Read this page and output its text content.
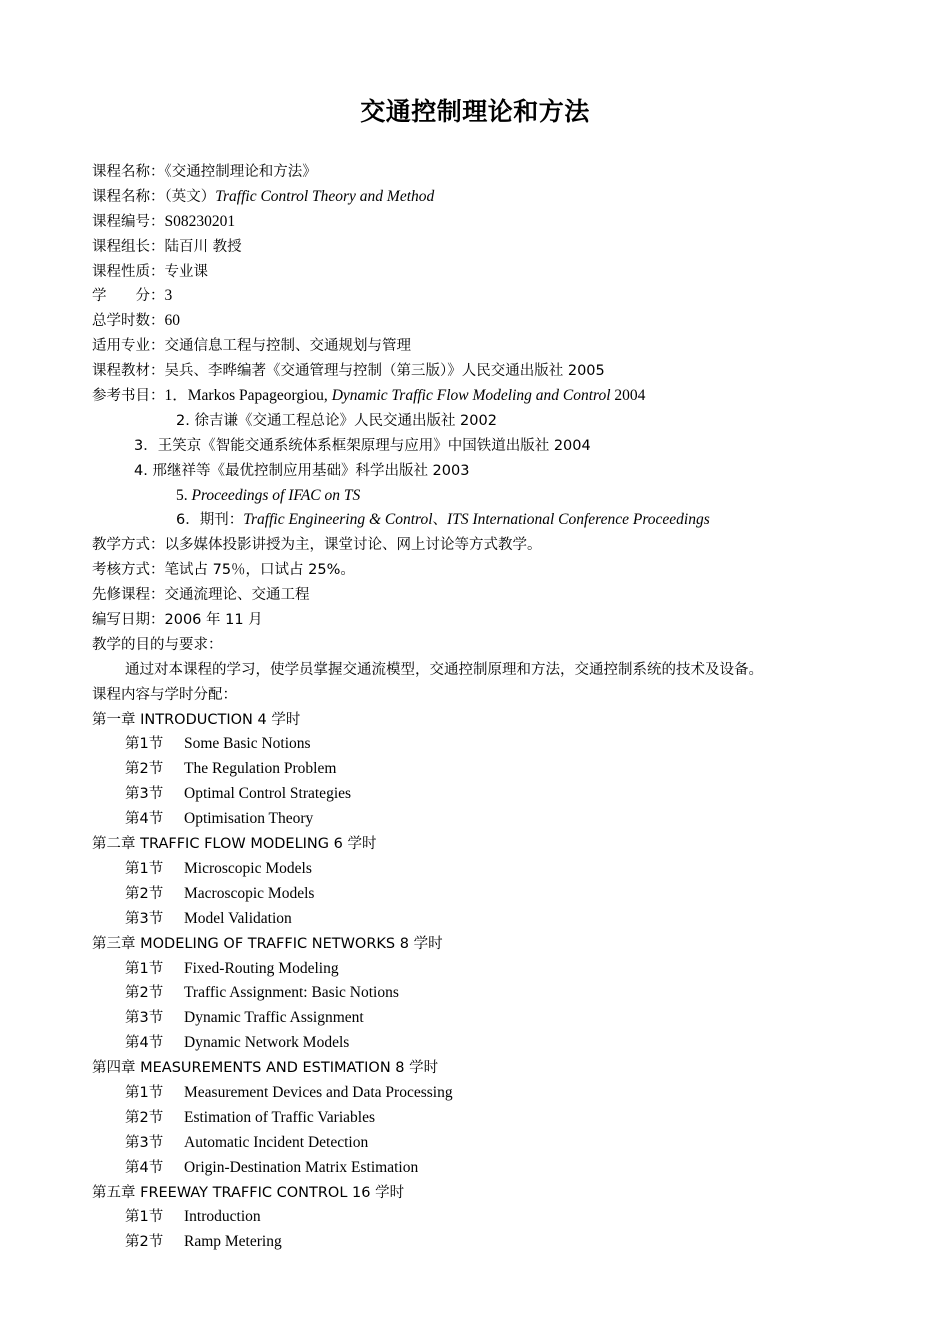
交通控制理论和方法
课程名称：《交通控制理论和方法》
课程名称：（英文）Traffic Control Theory and Method
课程编号：S08230201
课程组长：陆百川 教授
课程性质：专业课
学　　分：3
总学时数：60
适用专业：交通信息工程与控制、交通规划与管理
课程教材：吴兵、李晔编著《交通管理与控制（第三版）》人民交通出版社 2005
参考书目：1．Markos Papageorgiou, Dynamic Traffic Flow Modeling and Control 2004
2. 徐吉谦《交通工程总论》人民交通出版社 2002
3．王笑京《智能交通系统体系框架原理与应用》中国铁道出版社 2004
4. 邢继祥等《最优控制应用基础》科学出版社 2003
5. Proceedings of IFAC on TS
6．期刊：Traffic Engineering & Control、ITS International Conference Proceedings
教学方式：以多媒体投影讲授为主，课堂讨论、网上讨论等方式教学。
考核方式：笔试占 75％，口试占 25%。
先修课程：交通流理论、交通工程
编写日期：2006 年 11 月
教学的目的与要求：
通过对本课程的学习，使学员掌握交通流模型，交通控制原理和方法，交通控制系统的技术及设备。
课程内容与学时分配：
第一章 INTRODUCTION 4 学时
第1节 Some Basic Notions
第2节 The Regulation Problem
第3节 Optimal Control Strategies
第4节 Optimisation Theory
第二章 TRAFFIC FLOW MODELING 6 学时
第1节 Microscopic Models
第2节 Macroscopic Models
第3节 Model Validation
第三章 MODELING OF TRAFFIC NETWORKS 8 学时
第1节 Fixed-Routing Modeling
第2节 Traffic Assignment: Basic Notions
第3节 Dynamic Traffic Assignment
第4节 Dynamic Network Models
第四章 MEASUREMENTS AND ESTIMATION 8 学时
第1节 Measurement Devices and Data Processing
第2节 Estimation of Traffic Variables
第3节 Automatic Incident Detection
第4节 Origin-Destination Matrix Estimation
第五章 FREEWAY TRAFFIC CONTROL 16 学时
第1节 Introduction
第2节 Ramp Metering
